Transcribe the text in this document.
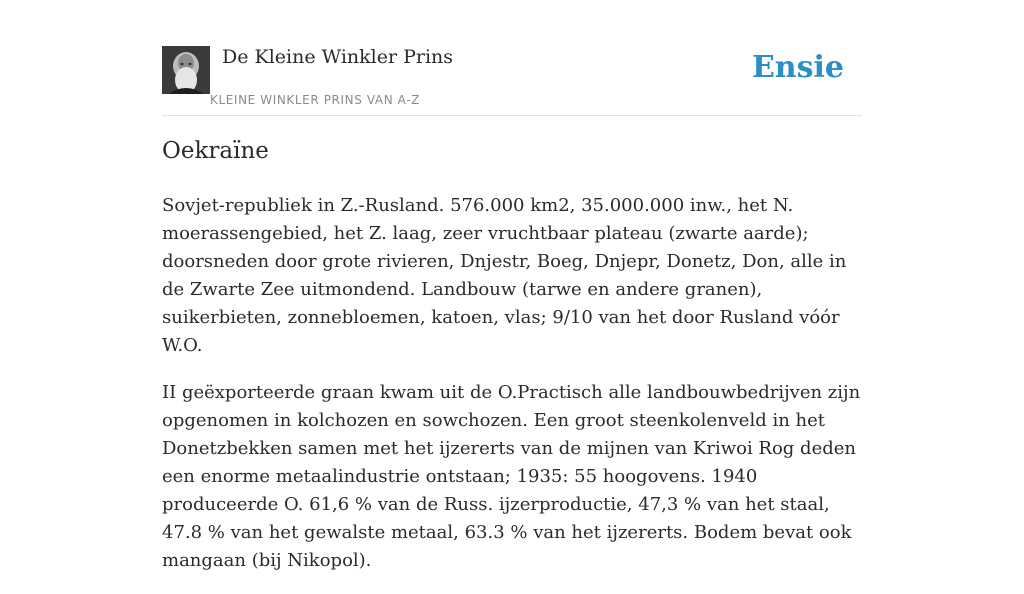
De Kleine Winkler Prins
KLEINE WINKLER PRINS VAN A-Z
Ensie
Oekraïne

Sovjet-republiek in Z.-Rusland. 576.000 km2, 35.000.000 inw., het N. moerassengebied, het Z. laag, zeer vruchtbaar plateau (zwarte aarde); doorsneden door grote rivieren, Dnjestr, Boeg, Dnjepr, Donetz, Don, alle in de Zwarte Zee uitmondend. Landbouw (tarwe en andere granen), suikerbieten, zonnebloemen, katoen, vlas; 9/10 van het door Rusland vóór W.O.

II geëxporteerde graan kwam uit de O.Practisch alle landbouwbedrijven zijn opgenomen in kolchozen en sowchozen. Een groot steenkolenveld in het Donetzbekken samen met het ijzererts van de mijnen van Kriwoi Rog deden een enorme metaalindustrie ontstaan; 1935: 55 hoogovens. 1940 produceerde O. 61,6 % van de Russ. ijzerproductie, 47,3 % van het staal, 47.8 % van het gewalste metaal, 63.3 % van het ijzererts. Bodem bevat ook mangaan (bij Nikopol).
